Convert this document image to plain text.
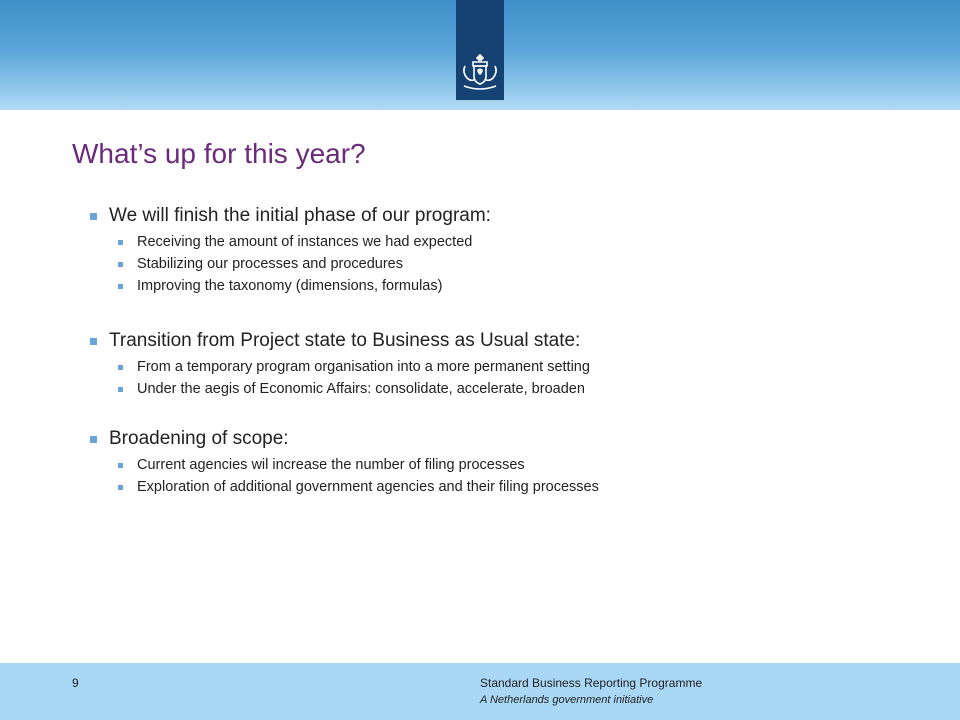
What’s up for this year?
We will finish the initial phase of our program:
Receiving the amount of instances we had expected
Stabilizing our processes and procedures
Improving the taxonomy (dimensions, formulas)
Transition from Project state to Business as Usual state:
From a temporary program organisation into a more permanent setting
Under the aegis of Economic Affairs: consolidate, accelerate, broaden
Broadening of scope:
Current agencies wil increase the number of filing processes
Exploration of additional government agencies and their filing processes
9	Standard Business Reporting Programme
A Netherlands government initiative
